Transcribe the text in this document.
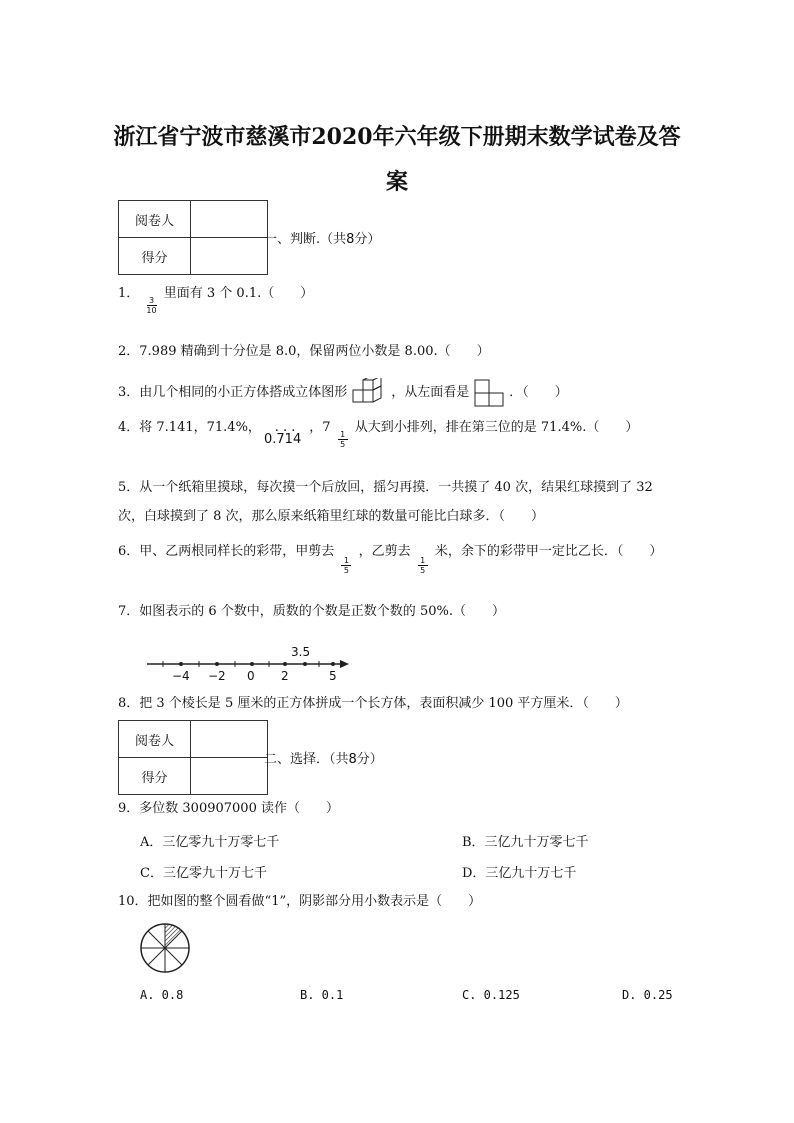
浙江省宁波市慈溪市2020年六年级下册期末数学试卷及答
案
阅卷人	
得分	
一、判断.（共8分）
1．
$\frac{3}{10}$
里面有 3 个 0.1.（　　）
2．7.989 精确到十分位是 8.0，保留两位小数是 8.00.（　　）
3．由几个相同的小正方体搭成立体图形	，从左面看是	．（　　）
4．将 7.141，71.4%， . . . ，7
$\frac{1}{5}$
从大到小排列，排在第三位的是 71.4%.（　　）
0.714
5．从一个纸箱里摸球，每次摸一个后放回，摇匀再摸．一共摸了 40 次，结果红球摸到了 32
次，白球摸到了 8 次，那么原来纸箱里红球的数量可能比白球多．（　　）
6．甲、乙两根同样长的彩带，甲剪去
$\frac{1}{5}$
，乙剪去
$\frac{1}{5}$
米，余下的彩带甲一定比乙长．（　　）
7．如图表示的 6 个数中，质数的个数是正数个数的 50%.（　　）
3.5
−4 −2 0 2	5
8．把 3 个棱长是 5 厘米的正方体拼成一个长方体，表面积减少 100 平方厘米．（　　）
阅卷人	
得分	
二、选择．（共8分）
9．多位数 300907000 读作（　　）
A．三亿零九十万零七千	B．三亿九十万零七千
C．三亿零九十万七千	D．三亿九十万七千
10．把如图的整个圆看做“1”，阴影部分用小数表示是（　　）
A. 0.8	B. 0.1	C. 0.125	D. 0.25
